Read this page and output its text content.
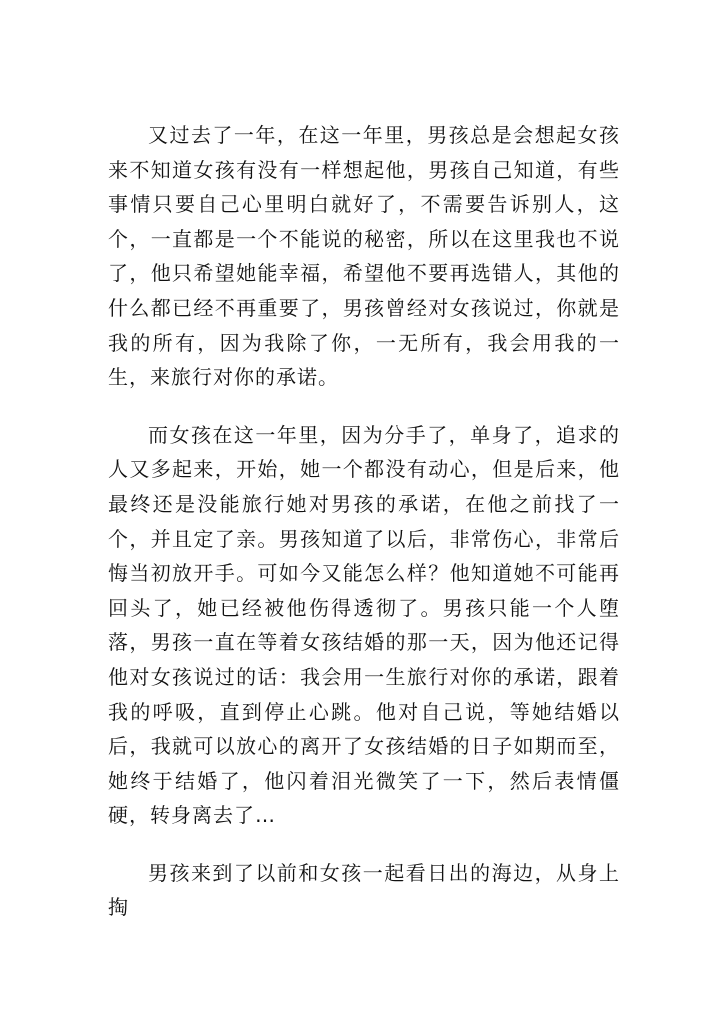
又过去了一年，在这一年里，男孩总是会想起女孩来不知道女孩有没有一样想起他，男孩自己知道，有些事情只要自己心里明白就好了，不需要告诉别人，这个，一直都是一个不能说的秘密，所以在这里我也不说了，他只希望她能幸福，希望他不要再选错人，其他的什么都已经不再重要了，男孩曾经对女孩说过，你就是我的所有，因为我除了你，一无所有，我会用我的一生，来旅行对你的承诺。

而女孩在这一年里，因为分手了，单身了，追求的人又多起来，开始，她一个都没有动心，但是后来，他最终还是没能旅行她对男孩的承诺，在他之前找了一个，并且定了亲。男孩知道了以后，非常伤心，非常后悔当初放开手。可如今又能怎么样？他知道她不可能再回头了，她已经被他伤得透彻了。男孩只能一个人堕落，男孩一直在等着女孩结婚的那一天，因为他还记得他对女孩说过的话：我会用一生旅行对你的承诺，跟着我的呼吸，直到停止心跳。他对自己说，等她结婚以后，我就可以放心的离开了女孩结婚的日子如期而至，她终于结婚了，他闪着泪光微笑了一下，然后表情僵硬，转身离去了…

男孩来到了以前和女孩一起看日出的海边，从身上掏
